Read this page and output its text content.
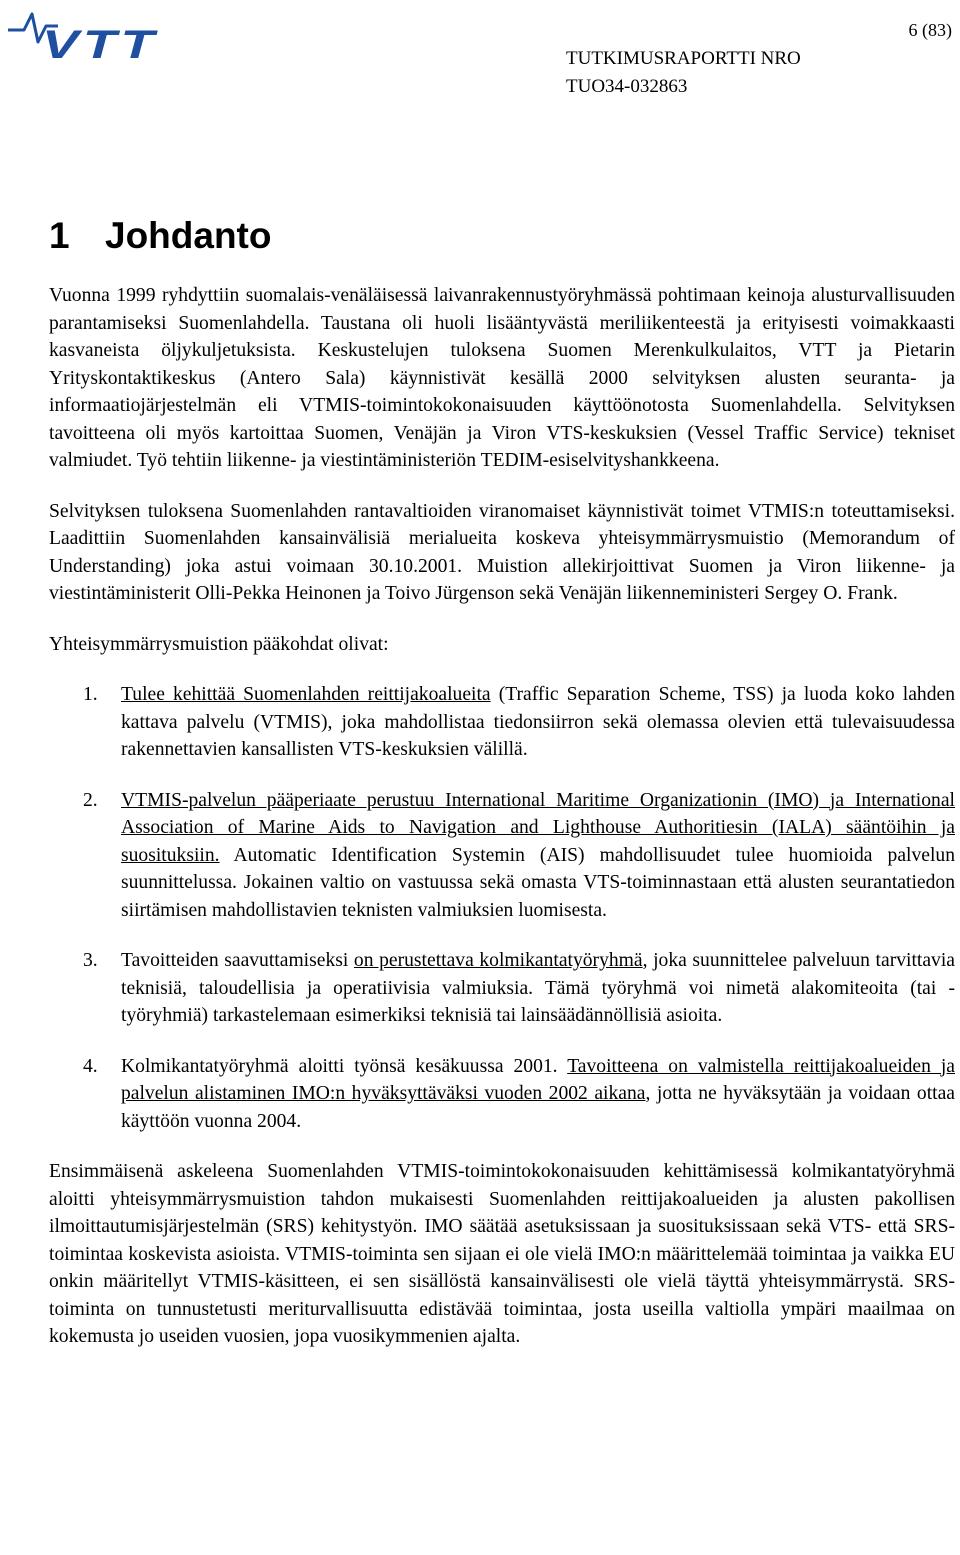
VTT	6 (83)
TUTKIMUSRAPORTTI NRO
TUO34-032863
1 Johdanto

Vuonna 1999 ryhdyttiin suomalais-venäläisessä laivanrakennustyöryhmässä pohtimaan keinoja alusturvallisuuden parantamiseksi Suomenlahdella. Taustana oli huoli lisääntyvästä meriliikenteestä ja erityisesti voimakkaasti kasvaneista öljykuljetuksista. Keskustelujen tuloksena Suomen Merenkulkulaitos, VTT ja Pietarin Yrityskontaktikeskus (Antero Sala) käynnistivät kesällä 2000 selvityksen alusten seuranta- ja informaatiojärjestelmän eli VTMIS-toimintokokonaisuuden käyttöönotosta Suomenlahdella. Selvityksen tavoitteena oli myös kartoittaa Suomen, Venäjän ja Viron VTS-keskuksien (Vessel Traffic Service) tekniset valmiudet. Työ tehtiin liikenne- ja viestintäministeriön TEDIM-esiselvityshankkeena.

Selvityksen tuloksena Suomenlahden rantavaltioiden viranomaiset käynnistivät toimet VTMIS:n toteuttamiseksi. Laadittiin Suomenlahden kansainvälisiä merialueita koskeva yhteisymmärrysmuistio (Memorandum of Understanding) joka astui voimaan 30.10.2001. Muistion allekirjoittivat Suomen ja Viron liikenne- ja viestintäministerit Olli-Pekka Heinonen ja Toivo Jürgenson sekä Venäjän liikenneministeri Sergey O. Frank.

Yhteisymmärrysmuistion pääkohdat olivat:

1. Tulee kehittää Suomenlahden reittijakoalueita (Traffic Separation Scheme, TSS) ja luoda koko lahden kattava palvelu (VTMIS), joka mahdollistaa tiedonsiirron sekä olemassa olevien että tulevaisuudessa rakennettavien kansallisten VTS-keskuksien välillä.
2. VTMIS-palvelun pääperiaate perustuu International Maritime Organizationin (IMO) ja International Association of Marine Aids to Navigation and Lighthouse Authoritiesin (IALA) sääntöihin ja suosituksiin. Automatic Identification Systemin (AIS) mahdollisuudet tulee huomioida palvelun suunnittelussa. Jokainen valtio on vastuussa sekä omasta VTS-toiminnastaan että alusten seurantatiedon siirtämisen mahdollistavien teknisten valmiuksien luomisesta.
3. Tavoitteiden saavuttamiseksi on perustettava kolmikantatyöryhmä, joka suunnittelee palveluun tarvittavia teknisiä, taloudellisia ja operatiivisia valmiuksia. Tämä työryhmä voi nimetä alakomiteoita (tai -työryhmiä) tarkastelemaan esimerkiksi teknisiä tai lainsäädännöllisiä asioita.
4. Kolmikantatyöryhmä aloitti työnsä kesäkuussa 2001. Tavoitteena on valmistella reittijakoalueiden ja palvelun alistaminen IMO:n hyväksyttäväksi vuoden 2002 aikana, jotta ne hyväksytään ja voidaan ottaa käyttöön vuonna 2004.

Ensimmäisenä askeleena Suomenlahden VTMIS-toimintokokonaisuuden kehittämisessä kolmikantatyöryhmä aloitti yhteisymmärrysmuistion tahdon mukaisesti Suomenlahden reittijakoalueiden ja alusten pakollisen ilmoittautumisjärjestelmän (SRS) kehitystyön. IMO säätää asetuksissaan ja suosituksissaan sekä VTS- että SRS-toimintaa koskevista asioista. VTMIS-toiminta sen sijaan ei ole vielä IMO:n määrittelemää toimintaa ja vaikka EU onkin määritellyt VTMIS-käsitteen, ei sen sisällöstä kansainvälisesti ole vielä täyttä yhteisymmärrystä. SRS-toiminta on tunnustetusti meriturvallisuutta edistävää toimintaa, josta useilla valtiolla ympäri maailmaa on kokemusta jo useiden vuosien, jopa vuosikymmenien ajalta.
